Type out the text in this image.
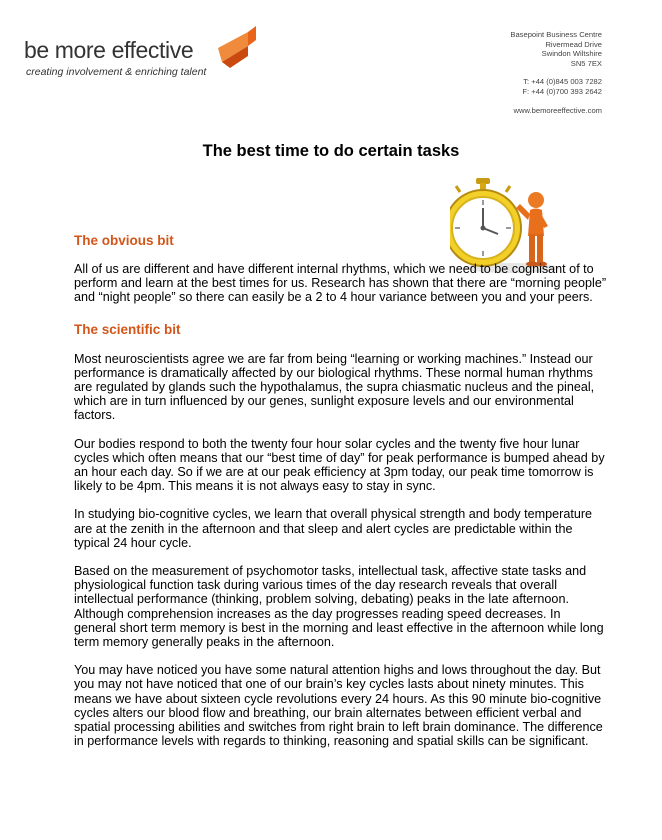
be more effective
creating involvement & enriching talent
Basepoint Business Centre
Rivermead Drive
Swindon Wiltshire
SN5 7EX
T: +44 (0)845 003 7282
F: +44 (0)700 393 2642
www.bemoreeffective.com
The best time to do certain tasks
The obvious bit

All of us are different and have different internal rhythms, which we need to be cognisant of to perform and learn at the best times for us. Research has shown that there are “morning people” and “night people” so there can easily be a 2 to 4 hour variance between you and your peers.

The scientific bit

Most neuroscientists agree we are far from being “learning or working machines.” Instead our performance is dramatically affected by our biological rhythms. These normal human rhythms are regulated by glands such the hypothalamus, the supra chiasmatic nucleus and the pineal, which are in turn influenced by our genes, sunlight exposure levels and our environmental factors.

Our bodies respond to both the twenty four hour solar cycles and the twenty five hour lunar cycles which often means that our “best time of day” for peak performance is bumped ahead by an hour each day. So if we are at our peak efficiency at 3pm today, our peak time tomorrow is likely to be 4pm. This means it is not always easy to stay in sync.

In studying bio-cognitive cycles, we learn that overall physical strength and body temperature are at the zenith in the afternoon and that sleep and alert cycles are predictable within the typical 24 hour cycle.

Based on the measurement of psychomotor tasks, intellectual task, affective state tasks and physiological function task during various times of the day research reveals that overall intellectual performance (thinking, problem solving, debating) peaks in the late afternoon. Although comprehension increases as the day progresses reading speed decreases. In general short term memory is best in the morning and least effective in the afternoon while long term memory generally peaks in the afternoon.

You may have noticed you have some natural attention highs and lows throughout the day. But you may not have noticed that one of our brain’s key cycles lasts about ninety minutes. This means we have about sixteen cycle revolutions every 24 hours. As this 90 minute bio-cognitive cycles alters our blood flow and breathing, our brain alternates between efficient verbal and spatial processing abilities and switches from right brain to left brain dominance. The difference in performance levels with regards to thinking, reasoning and spatial skills can be significant.
